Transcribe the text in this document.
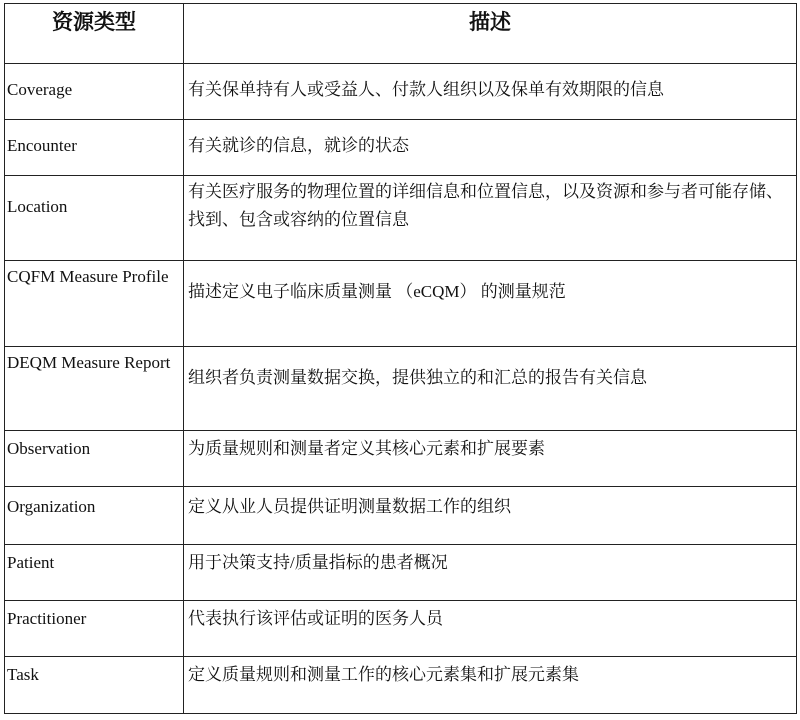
资源类型	描述
Coverage	有关保单持有人或受益人、付款人组织以及保单有效期限的信息
Encounter	有关就诊的信息，就诊的状态
Location	有关医疗服务的物理位置的详细信息和位置信息，以及资源和参与者可能存储、找到、包含或容纳的位置信息
CQFM Measure Profile	描述定义电子临床质量测量 （eCQM） 的测量规范
DEQM Measure Report	组织者负责测量数据交换，提供独立的和汇总的报告有关信息
Observation	为质量规则和测量者定义其核心元素和扩展要素
Organization	定义从业人员提供证明测量数据工作的组织
Patient	用于决策支持/质量指标的患者概况
Practitioner	代表执行该评估或证明的医务人员
Task	定义质量规则和测量工作的核心元素集和扩展元素集
